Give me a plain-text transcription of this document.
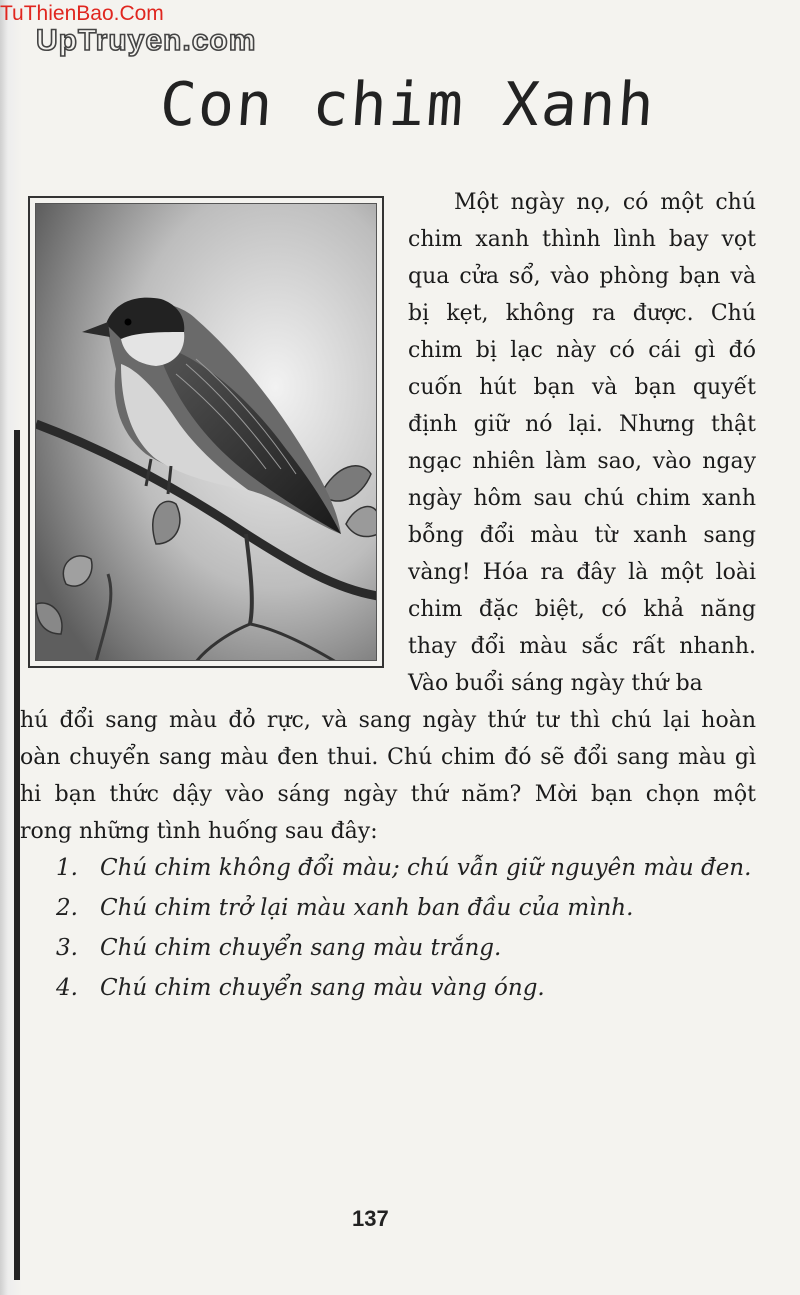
TuThienBao.Com
UpTruyen.com
Con chim Xanh

Một ngày nọ, có một chú chim xanh thình lình bay vọt qua cửa sổ, vào phòng bạn và bị kẹt, không ra được. Chú chim bị lạc này có cái gì đó cuốn hút bạn và bạn quyết định giữ nó lại. Nhưng thật ngạc nhiên làm sao, vào ngay ngày hôm sau chú chim xanh bỗng đổi màu từ xanh sang vàng! Hóa ra đây là một loài chim đặc biệt, có khả năng thay đổi màu sắc rất nhanh. Vào buổi sáng ngày thứ ba

hú đổi sang màu đỏ rực, và sang ngày thứ tư thì chú lại hoàn
oàn chuyển sang màu đen thui. Chú chim đó sẽ đổi sang màu gì
hi bạn thức dậy vào sáng ngày thứ năm? Mời bạn chọn một
rong những tình huống sau đây:
1. Chú chim không đổi màu; chú vẫn giữ nguyên màu đen.
2. Chú chim trở lại màu xanh ban đầu của mình.
3. Chú chim chuyển sang màu trắng.
4. Chú chim chuyển sang màu vàng óng.
137
